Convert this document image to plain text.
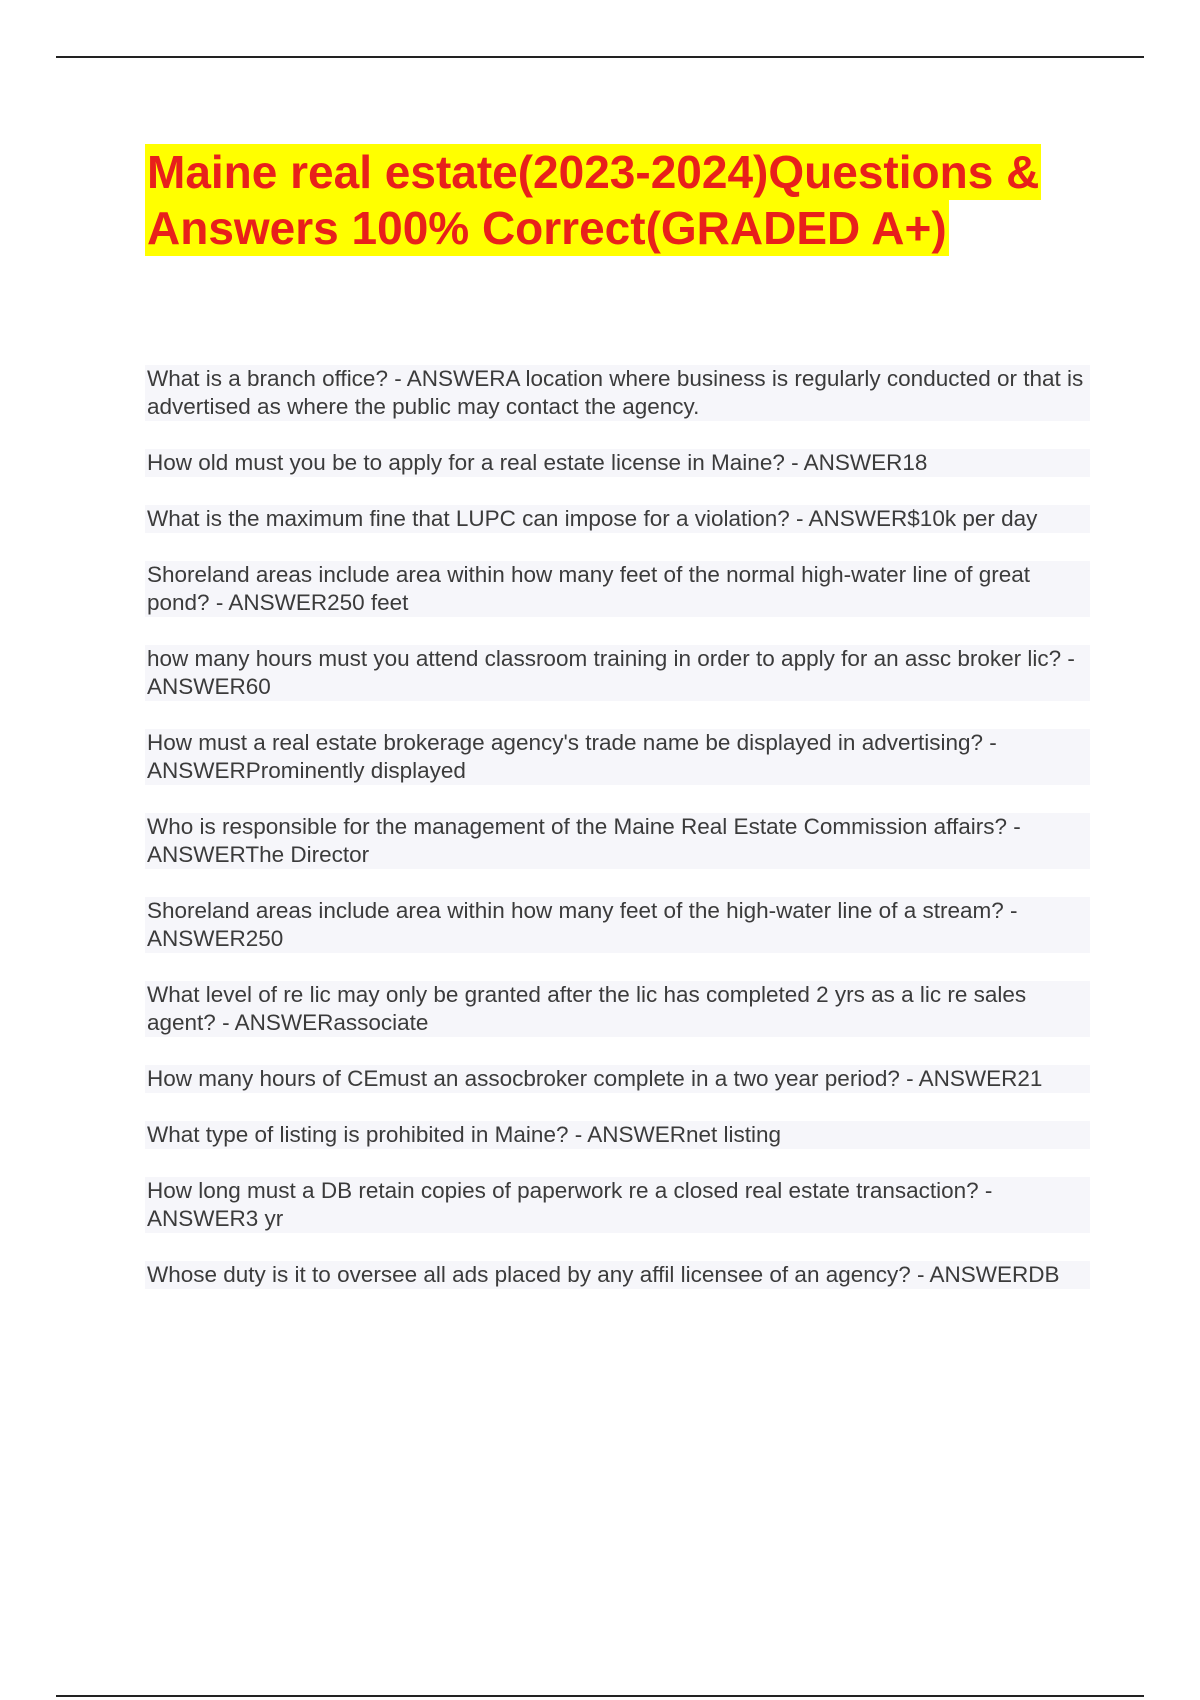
Maine real estate(2023-2024)Questions &
Answers 100% Correct(GRADED A+)

What is a branch office? - ANSWERA location where business is regularly conducted or that is advertised as where the public may contact the agency.

How old must you be to apply for a real estate license in Maine? - ANSWER18

What is the maximum fine that LUPC can impose for a violation? - ANSWER$10k per day

Shoreland areas include area within how many feet of the normal high-water line of great pond? - ANSWER250 feet

how many hours must you attend classroom training in order to apply for an assc broker lic? - ANSWER60

How must a real estate brokerage agency's trade name be displayed in advertising? - ANSWERProminently displayed

Who is responsible for the management of the Maine Real Estate Commission affairs? - ANSWERThe Director

Shoreland areas include area within how many feet of the high-water line of a stream? - ANSWER250

What level of re lic may only be granted after the lic has completed 2 yrs as a lic re sales agent? - ANSWERassociate

How many hours of CEmust an assocbroker complete in a two year period? - ANSWER21

What type of listing is prohibited in Maine? - ANSWERnet listing

How long must a DB retain copies of paperwork re a closed real estate transaction? - ANSWER3 yr

Whose duty is it to oversee all ads placed by any affil licensee of an agency? - ANSWERDB
